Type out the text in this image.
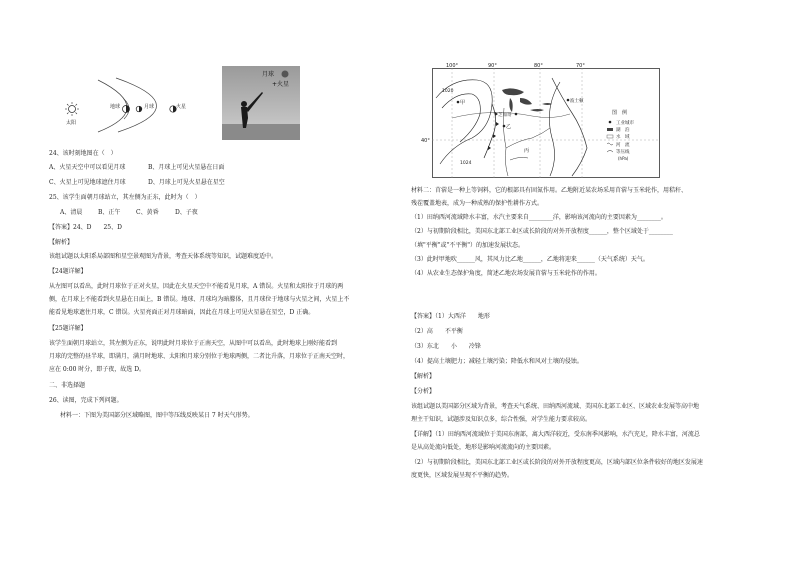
太阳
地球	月球	火星
月球
+火星
24、该时刻地图在（　）
A、火星天空中可以看见月球	B、月球上可见火星悬在日面
C、火星上可见地球遮住月球	D、月球上可见火星悬在星空
25、该学生面朝月球站立，其左侧为正东，此时为（　）
A、清晨	B、正午	C、黄昏	D、子夜
【答案】24、D　　25、D
【解析】
该组试题以太阳系局部图和星空景观图为背景，考查天体系统等知识，试题难度适中。
【24题详解】
从左图可以看出，此时月球位于正对火星，因此在火星天空中不能看见月球，A 错误。火星和太阳位于月球的两
侧，在月球上不能看到火星悬在日面上，B 错误。地球、月球均为暗朦体，且月球位于地球与火星之间，火星上不
能看见地球遮住月球，C 错误。火星亮面正对月球暗面，因此在月球上可见火星悬在星空，D 正确。
【25题详解】
该学生面朝月球站立，其左侧为正东，说明此时月球位于正南天空，从图中可以看出，此时地球上刚好能看到
月球的完整的昼半球，即满月，满月时地球、太阳和月球分别位于地球两侧，二者比升落，月球位于正南天空时，
应在 0:00 时分，即子夜，故选 D。
二、非选择题
26、读图，完成下列问题。
材料一：下图为美国部分区域略图，图中等压线反映某日 7 时天气形势。
100°	90°	80°	70°
1020
1024
40°
甲
乙
丙
芝加哥
波士顿
图　例
工业城市
湖　泊
水　域
河　流
等压线
(hPa)
材料二：苜蓿是一种上等饲料，它的根部具有固氮作用。乙地附近某农场采用苜蓿与玉米轮作，用秸秆、
残茬覆盖地表，成为一种成熟的保护性耕作方式。
（1）田纳西河流域降水丰富，水汽主要来自________洋，影响该河流向的主要因素为________。
（2）与初期阶段相比，美国东北部工业区或长阶段的对外开放程度______，整个区域处于________
（填"平衡"或"不平衡"）的加速发展状态。
（3）此时甲地吹______风，其风力比乙地______，乙地将迎来______（天气系统）天气。
（4）从农业生态保护角度，简述乙地农场发展苜蓿与玉米轮作的作用。
【答案】（1）大西洋　　地形
（2）高　　不平衡
（3）东北　　小　　冷锋
（4）提高土壤肥力；减轻土壤污染；降低水和风对土壤的侵蚀。
【解析】
【分析】
该组试题以美国部分区域为背景，考查天气系统、田纳西河流域、美国东北部工业区、区域农业发展等高中地
理主干知识，试题涉及知识点多，综合性强，对学生能力要求较高。
【详解】（1）田纳西河流域位于美国东南部，离大西洋较近，受东南季风影响，水汽充足，降水丰富，河流总
是从高处流向低处，地形是影响河流流向的主要因素。
（2）与初期阶段相比，美国东北部工业区或长阶段的对外开放程度更高，区域内部区位条件较好的地区发展速
度更快，区域发展呈现不平衡的趋势。
